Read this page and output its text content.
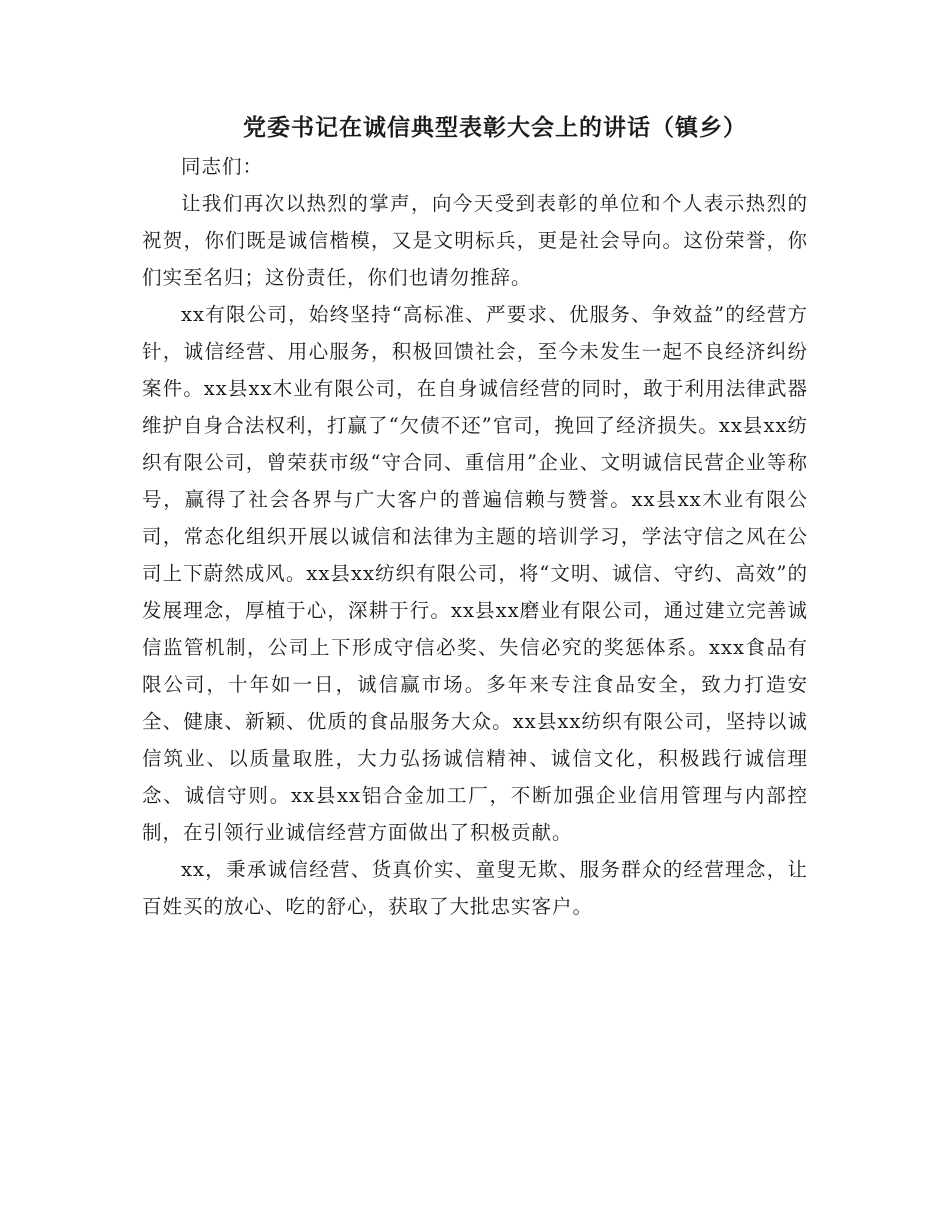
党委书记在诚信典型表彰大会上的讲话（镇乡）

同志们：

让我们再次以热烈的掌声，向今天受到表彰的单位和个人表示热烈的祝贺，你们既是诚信楷模，又是文明标兵，更是社会导向。这份荣誉，你们实至名归；这份责任，你们也请勿推辞。

xx有限公司，始终坚持“高标准、严要求、优服务、争效益”的经营方针，诚信经营、用心服务，积极回馈社会，至今未发生一起不良经济纠纷案件。xx县xx木业有限公司，在自身诚信经营的同时，敢于利用法律武器维护自身合法权利，打赢了“欠债不还”官司，挽回了经济损失。xx县xx纺织有限公司，曾荣获市级“守合同、重信用”企业、文明诚信民营企业等称号，赢得了社会各界与广大客户的普遍信赖与赞誉。xx县xx木业有限公司，常态化组织开展以诚信和法律为主题的培训学习，学法守信之风在公司上下蔚然成风。xx县xx纺织有限公司，将“文明、诚信、守约、高效”的发展理念，厚植于心，深耕于行。xx县xx磨业有限公司，通过建立完善诚信监管机制，公司上下形成守信必奖、失信必究的奖惩体系。xxx食品有限公司，十年如一日，诚信赢市场。多年来专注食品安全，致力打造安全、健康、新颖、优质的食品服务大众。xx县xx纺织有限公司，坚持以诚信筑业、以质量取胜，大力弘扬诚信精神、诚信文化，积极践行诚信理念、诚信守则。xx县xx铝合金加工厂，不断加强企业信用管理与内部控制，在引领行业诚信经营方面做出了积极贡献。

xx，秉承诚信经营、货真价实、童叟无欺、服务群众的经营理念，让百姓买的放心、吃的舒心，获取了大批忠实客户。
